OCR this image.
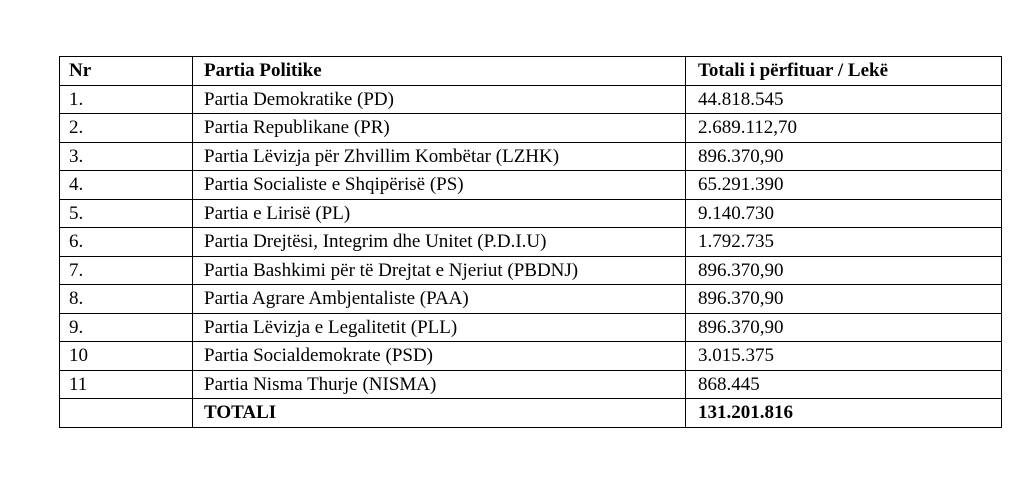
Nr	Partia Politike	Totali i përfituar / Lekë
1.	Partia Demokratike (PD)	44.818.545
2.	Partia Republikane (PR)	2.689.112,70
3.	Partia Lëvizja për Zhvillim Kombëtar (LZHK)	896.370,90
4.	Partia Socialiste e Shqipërisë (PS)	65.291.390
5.	Partia e Lirisë (PL)	9.140.730
6.	Partia Drejtësi, Integrim dhe Unitet (P.D.I.U)	1.792.735
7.	Partia Bashkimi për të Drejtat e Njeriut (PBDNJ)	896.370,90
8.	Partia Agrare Ambjentaliste (PAA)	896.370,90
9.	Partia Lëvizja e Legalitetit (PLL)	896.370,90
10	Partia Socialdemokrate (PSD)	3.015.375
11	Partia Nisma Thurje (NISMA)	868.445
	TOTALI	131.201.816
